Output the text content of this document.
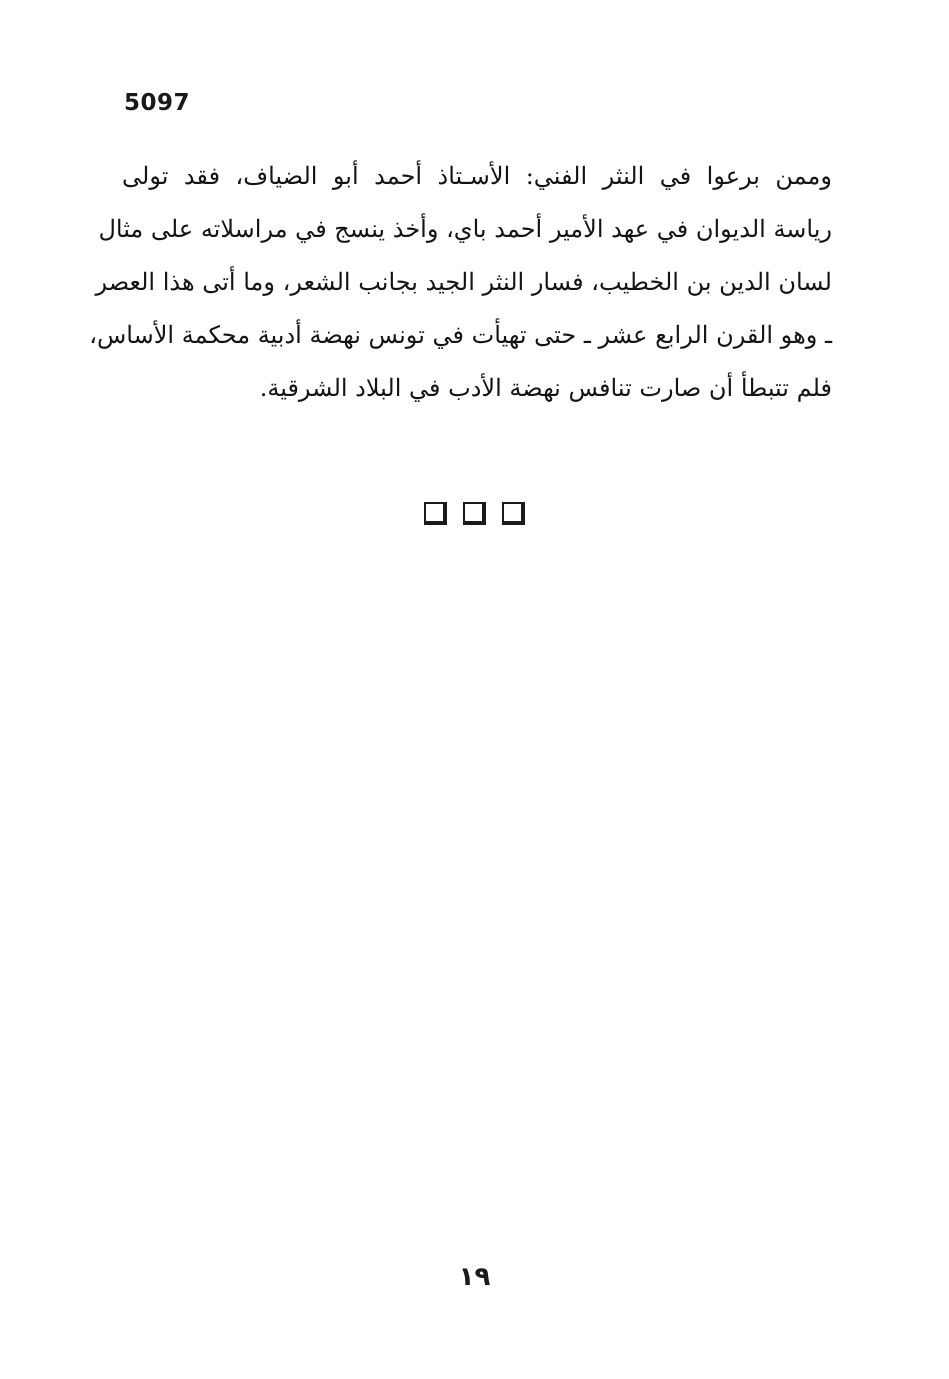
5097
وممن برعوا في النثر الفني: الأسـتاذ أحمد أبو الضياف، فقد تولى
رياسة الديوان في عهد الأمير أحمد باي، وأخذ ينسج في مراسلاته على مثال
لسان الدين بن الخطيب، فسار النثر الجيد بجانب الشعر، وما أتى هذا العصر
ـ وهو القرن الرابع عشر ـ حتى تهيأت في تونس نهضة أدبية محكمة الأساس،
فلم تتبطأ أن صارت تنافس نهضة الأدب في البلاد الشرقية.
١٩
